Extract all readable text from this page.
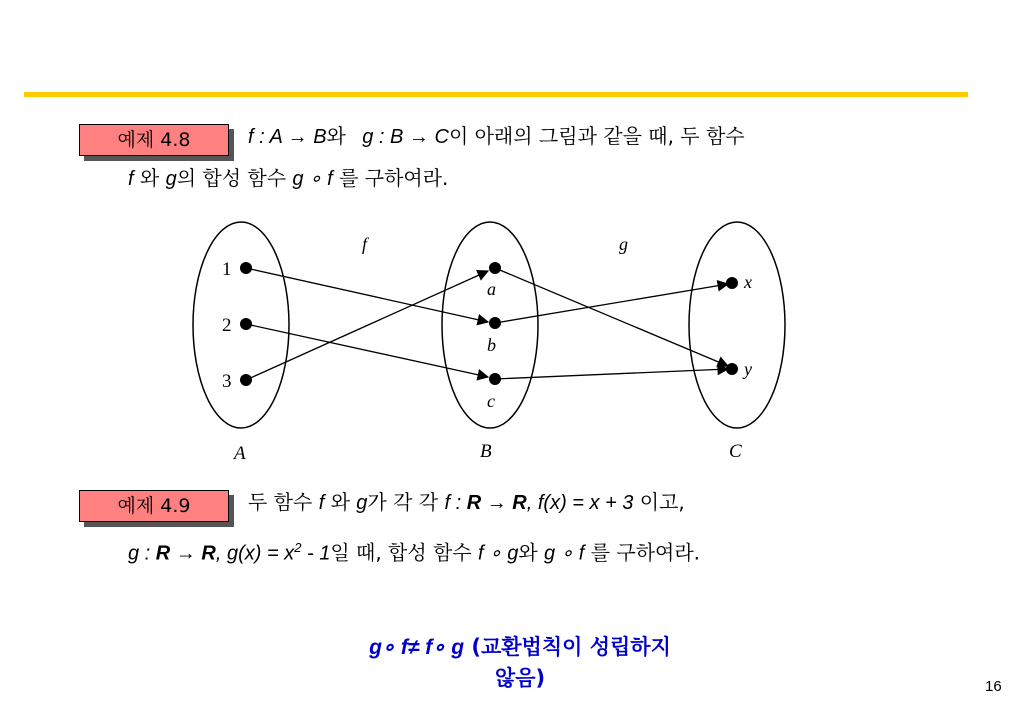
예제 4.8	f : A → B와 g : B → C이 아래의 그림과 같을 때, 두 함수
f 와 g의 합성 함수 g ∘ f 를 구하여라.
f	g
1
2
3
a
b
c
x
y
A	B	C
예제 4.9	두 함수 f 와 g가 각 각 f : R → R, f(x) = x + 3 이고,
g : R → R, $g(x) = x^2 - 1$일 때, 합성 함수 f ∘ g와 g ∘ f 를 구하여라.
g∘ f≠ f∘ g (교환법칙이 성립하지
않음)	16
